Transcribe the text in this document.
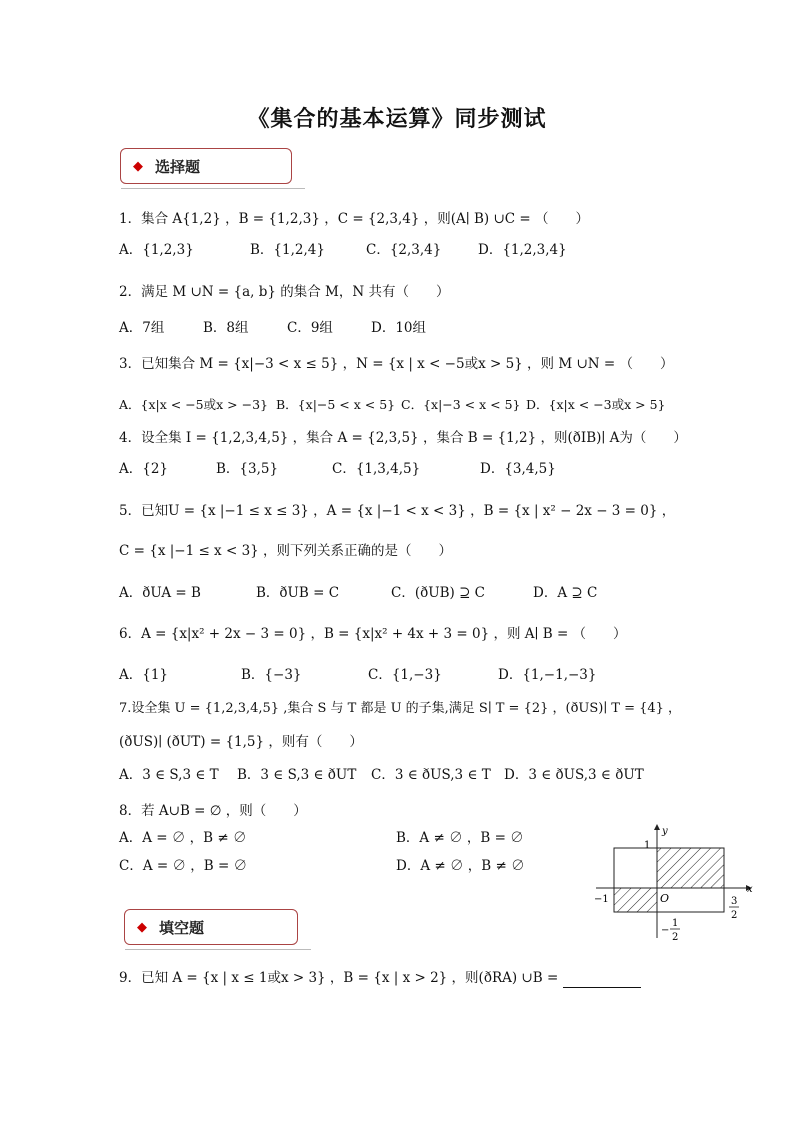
《集合的基本运算》同步测试
◆ 选择题
1．集合 A{1,2} ，B = {1,2,3} ，C = {2,3,4} ，则(A∣ B) ∪C = （　　）
A．{1,2,3}	B．{1,2,4}	C．{2,3,4}	D．{1,2,3,4}
2．满足 M ∪N = {a, b} 的集合 M，N 共有（　　）
A．7组	B．8组	C．9组	D．10组
3．已知集合 M = {x|−3 < x ≤ 5} ，N = {x | x < −5或x > 5} ，则 M ∪N = （　　）
A．{x|x < −5或x > −3} B．{x|−5 < x < 5} C．{x|−3 < x < 5} D．{x|x < −3或x > 5}
4．设全集 I = {1,2,3,4,5} ，集合 A = {2,3,5} ，集合 B = {1,2} ，则(ðIB)∣ A为（　　）
A．{2}	B．{3,5}	C．{1,3,4,5}	D．{3,4,5}
5．已知U = {x |−1 ≤ x ≤ 3} ，A = {x |−1 < x < 3} ，B = {x | x² − 2x − 3 = 0} ，
C = {x |−1 ≤ x < 3} ，则下列关系正确的是（　　）
A．ðUA = B	B．ðUB = C	C．(ðUB) ⊇ C	D．A ⊇ C
6．A = {x|x² + 2x − 3 = 0} ，B = {x|x² + 4x + 3 = 0} ，则 A∣ B = （　　）
A．{1}	B．{−3}	C．{1,−3}	D．{1,−1,−3}
7.设全集 U = {1,2,3,4,5} ,集合 S 与 T 都是 U 的子集,满足 S∣ T = {2} ，(ðUS)∣ T = {4} ，
(ðUS)∣ (ðUT) = {1,5} ，则有（　　）
A．3 ∈ S,3 ∈ T B．3 ∈ S,3 ∈ ðUT C．3 ∈ ðUS,3 ∈ T D．3 ∈ ðUS,3 ∈ ðUT
8．若 A∪B = ∅ ，则（　　）
A．A = ∅ ，B ≠ ∅	B．A ≠ ∅ ，B = ∅
C．A = ∅ ，B = ∅	D．A ≠ ∅ ，B ≠ ∅
y
x
O
1
−1	3
2
−
1
2
◆ 填空题
9．已知 A = {x | x ≤ 1或x > 3} ，B = {x | x > 2} ，则(ðRA) ∪B =
